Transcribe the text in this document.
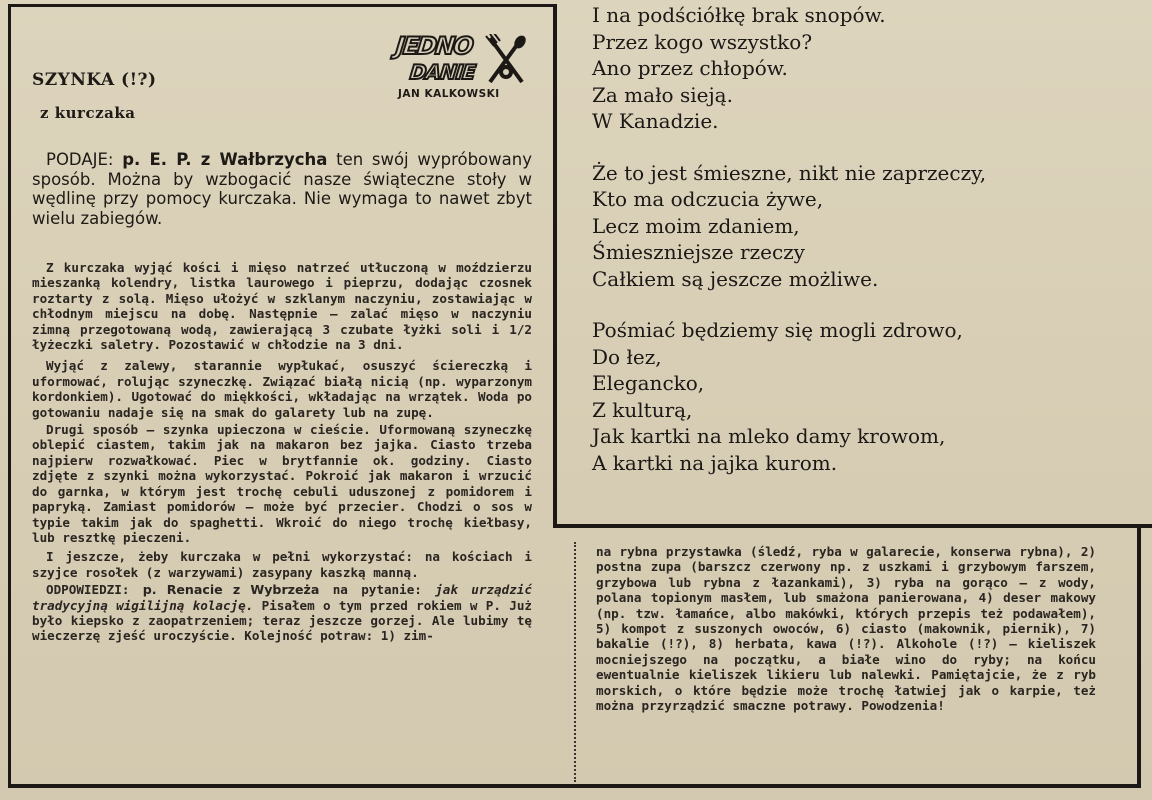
SZYNKA (!?)
z kurczaka
JEDNO
DANIE
JAN KALKOWSKI
PODAJE: p. E. P. z Wałbrzycha ten swój wypróbowany sposób. Można by wzbogacić nasze świąteczne stoły w wędlinę przy pomocy kurczaka. Nie wymaga to nawet zbyt wielu zabiegów.

Z kurczaka wyjąć kości i mięso natrzeć utłuczoną w moździerzu mieszanką kolendry, listka laurowego i pieprzu, dodając czosnek roztarty z solą. Mięso ułożyć w szklanym naczyniu, zostawiając w chłodnym miejscu na dobę. Następnie — zalać mięso w naczyniu zimną przegotowaną wodą, zawierającą 3 czubate łyżki soli i 1/2 łyżeczki saletry. Pozostawić w chłodzie na 3 dni.

Wyjąć z zalewy, starannie wypłukać, osuszyć ściereczką i uformować, rolując szyneczkę. Związać białą nicią (np. wyparzonym kordonkiem). Ugotować do miękkości, wkładając na wrzątek. Woda po gotowaniu nadaje się na smak do galarety lub na zupę.

Drugi sposób — szynka upieczona w cieście. Uformowaną szyneczkę oblepić ciastem, takim jak na makaron bez jajka. Ciasto trzeba najpierw rozwałkować. Piec w brytfannie ok. godziny. Ciasto zdjęte z szynki można wykorzystać. Pokroić jak makaron i wrzucić do garnka, w którym jest trochę cebuli uduszonej z pomidorem i papryką. Zamiast pomidorów — może być przecier. Chodzi o sos w typie takim jak do spaghetti. Wkroić do niego trochę kiełbasy, lub resztkę pieczeni.

I jeszcze, żeby kurczaka w pełni wykorzystać: na kościach i szyjce rosołek (z warzywami) zasypany kaszką manną.

ODPOWIEDZI: p. Renacie z Wybrzeża na pytanie: jak urządzić tradycyjną wigilijną kolację. Pisałem o tym przed rokiem w P. Już było kiepsko z zaopatrzeniem; teraz jeszcze gorzej. Ale lubimy tę wieczerzę zjeść uroczyście. Kolejność potraw: 1) zim-

I na podściółkę brak snopów.
Przez kogo wszystko?
Ano przez chłopów.
Za mało sieją.
W Kanadzie.
Że to jest śmieszne, nikt nie zaprzeczy,
Kto ma odczucia żywe,
Lecz moim zdaniem,
Śmieszniejsze rzeczy
Całkiem są jeszcze możliwe.
Pośmiać będziemy się mogli zdrowo,
Do łez,
Elegancko,
Z kulturą,
Jak kartki na mleko damy krowom,
A kartki na jajka kurom.
na rybna przystawka (śledź, ryba w galarecie, konserwa rybna), 2) postna zupa (barszcz czerwony np. z uszkami i grzybowym farszem, grzybowa lub rybna z łazankami), 3) ryba na gorąco — z wody, polana topionym masłem, lub smażona panierowana, 4) deser makowy (np. tzw. łamańce, albo makówki, których przepis też podawałem), 5) kompot z suszonych owoców, 6) ciasto (makownik, piernik), 7) bakalie (!?), 8) herbata, kawa (!?). Alkohole (!?) — kieliszek mocniejszego na początku, a białe wino do ryby; na końcu ewentualnie kieliszek likieru lub nalewki. Pamiętajcie, że z ryb morskich, o które będzie może trochę łatwiej jak o karpie, też można przyrządzić smaczne potrawy. Powodzenia!
